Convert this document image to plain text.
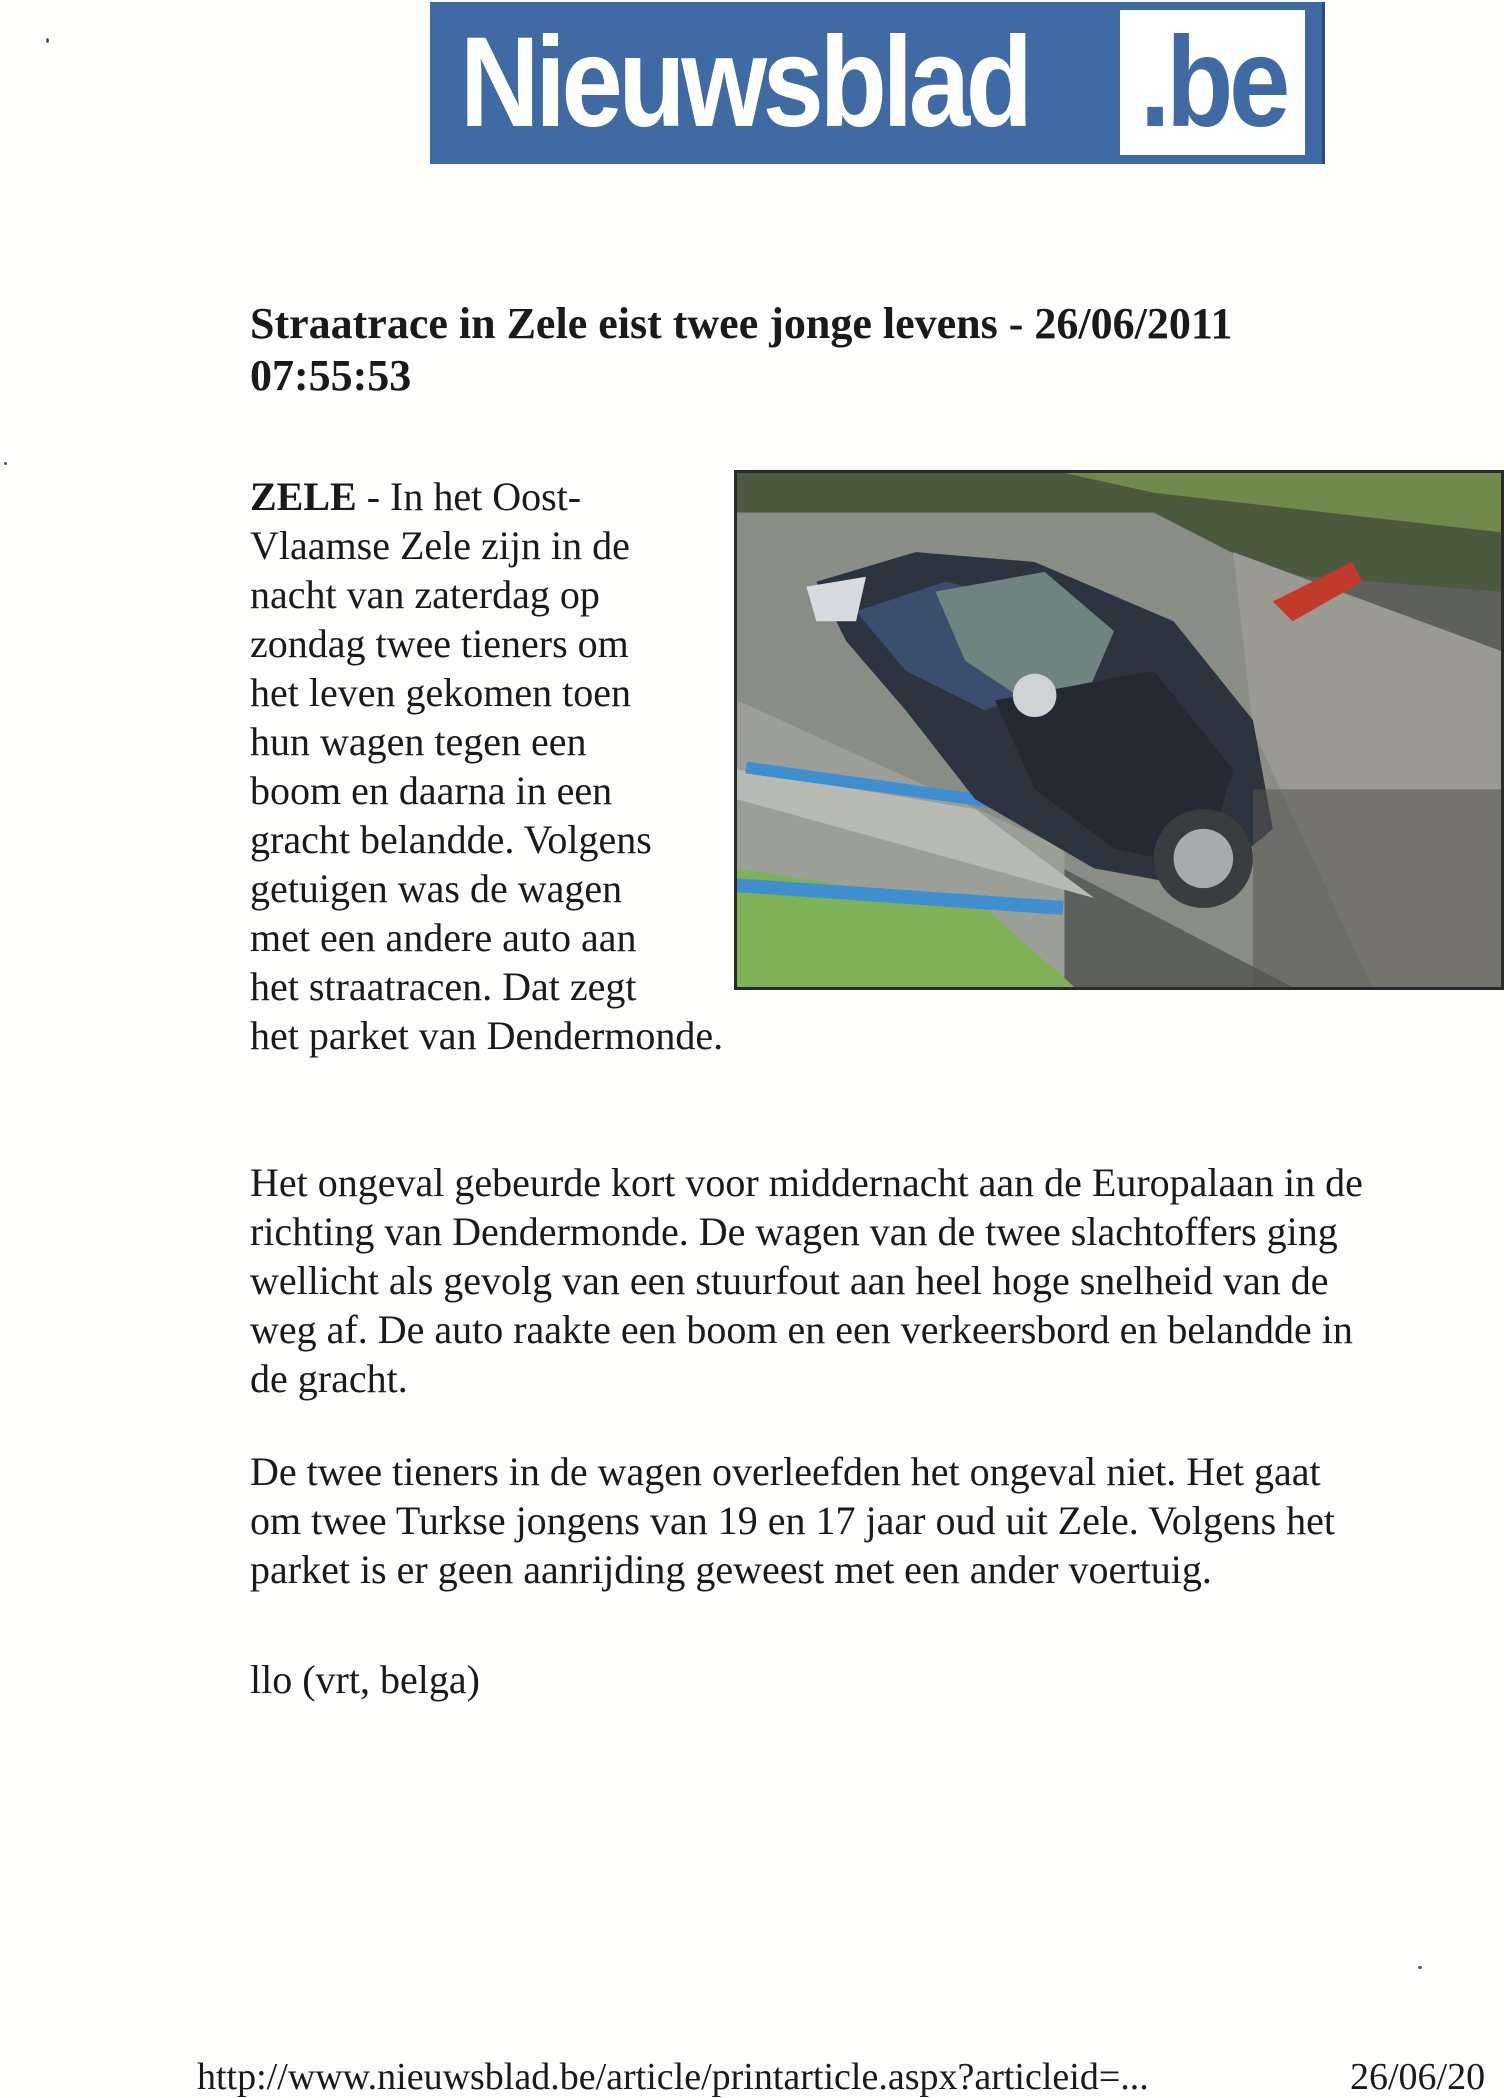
Nieuwsblad .be
Straatrace in Zele eist twee jonge levens - 26/06/2011
07:55:53

ZELE - In het Oost-
Vlaamse Zele zijn in de
nacht van zaterdag op
zondag twee tieners om
het leven gekomen toen
hun wagen tegen een
boom en daarna in een
gracht belandde. Volgens
getuigen was de wagen
met een andere auto aan
het straatracen. Dat zegt
het parket van Dendermonde.

Het ongeval gebeurde kort voor middernacht aan de Europalaan in de
richting van Dendermonde. De wagen van de twee slachtoffers ging
wellicht als gevolg van een stuurfout aan heel hoge snelheid van de
weg af. De auto raakte een boom en een verkeersbord en belandde in
de gracht.

De twee tieners in de wagen overleefden het ongeval niet. Het gaat
om twee Turkse jongens van 19 en 17 jaar oud uit Zele. Volgens het
parket is er geen aanrijding geweest met een ander voertuig.

llo (vrt, belga)

http://www.nieuwsblad.be/article/printarticle.aspx?articleid=...	26/06/20
